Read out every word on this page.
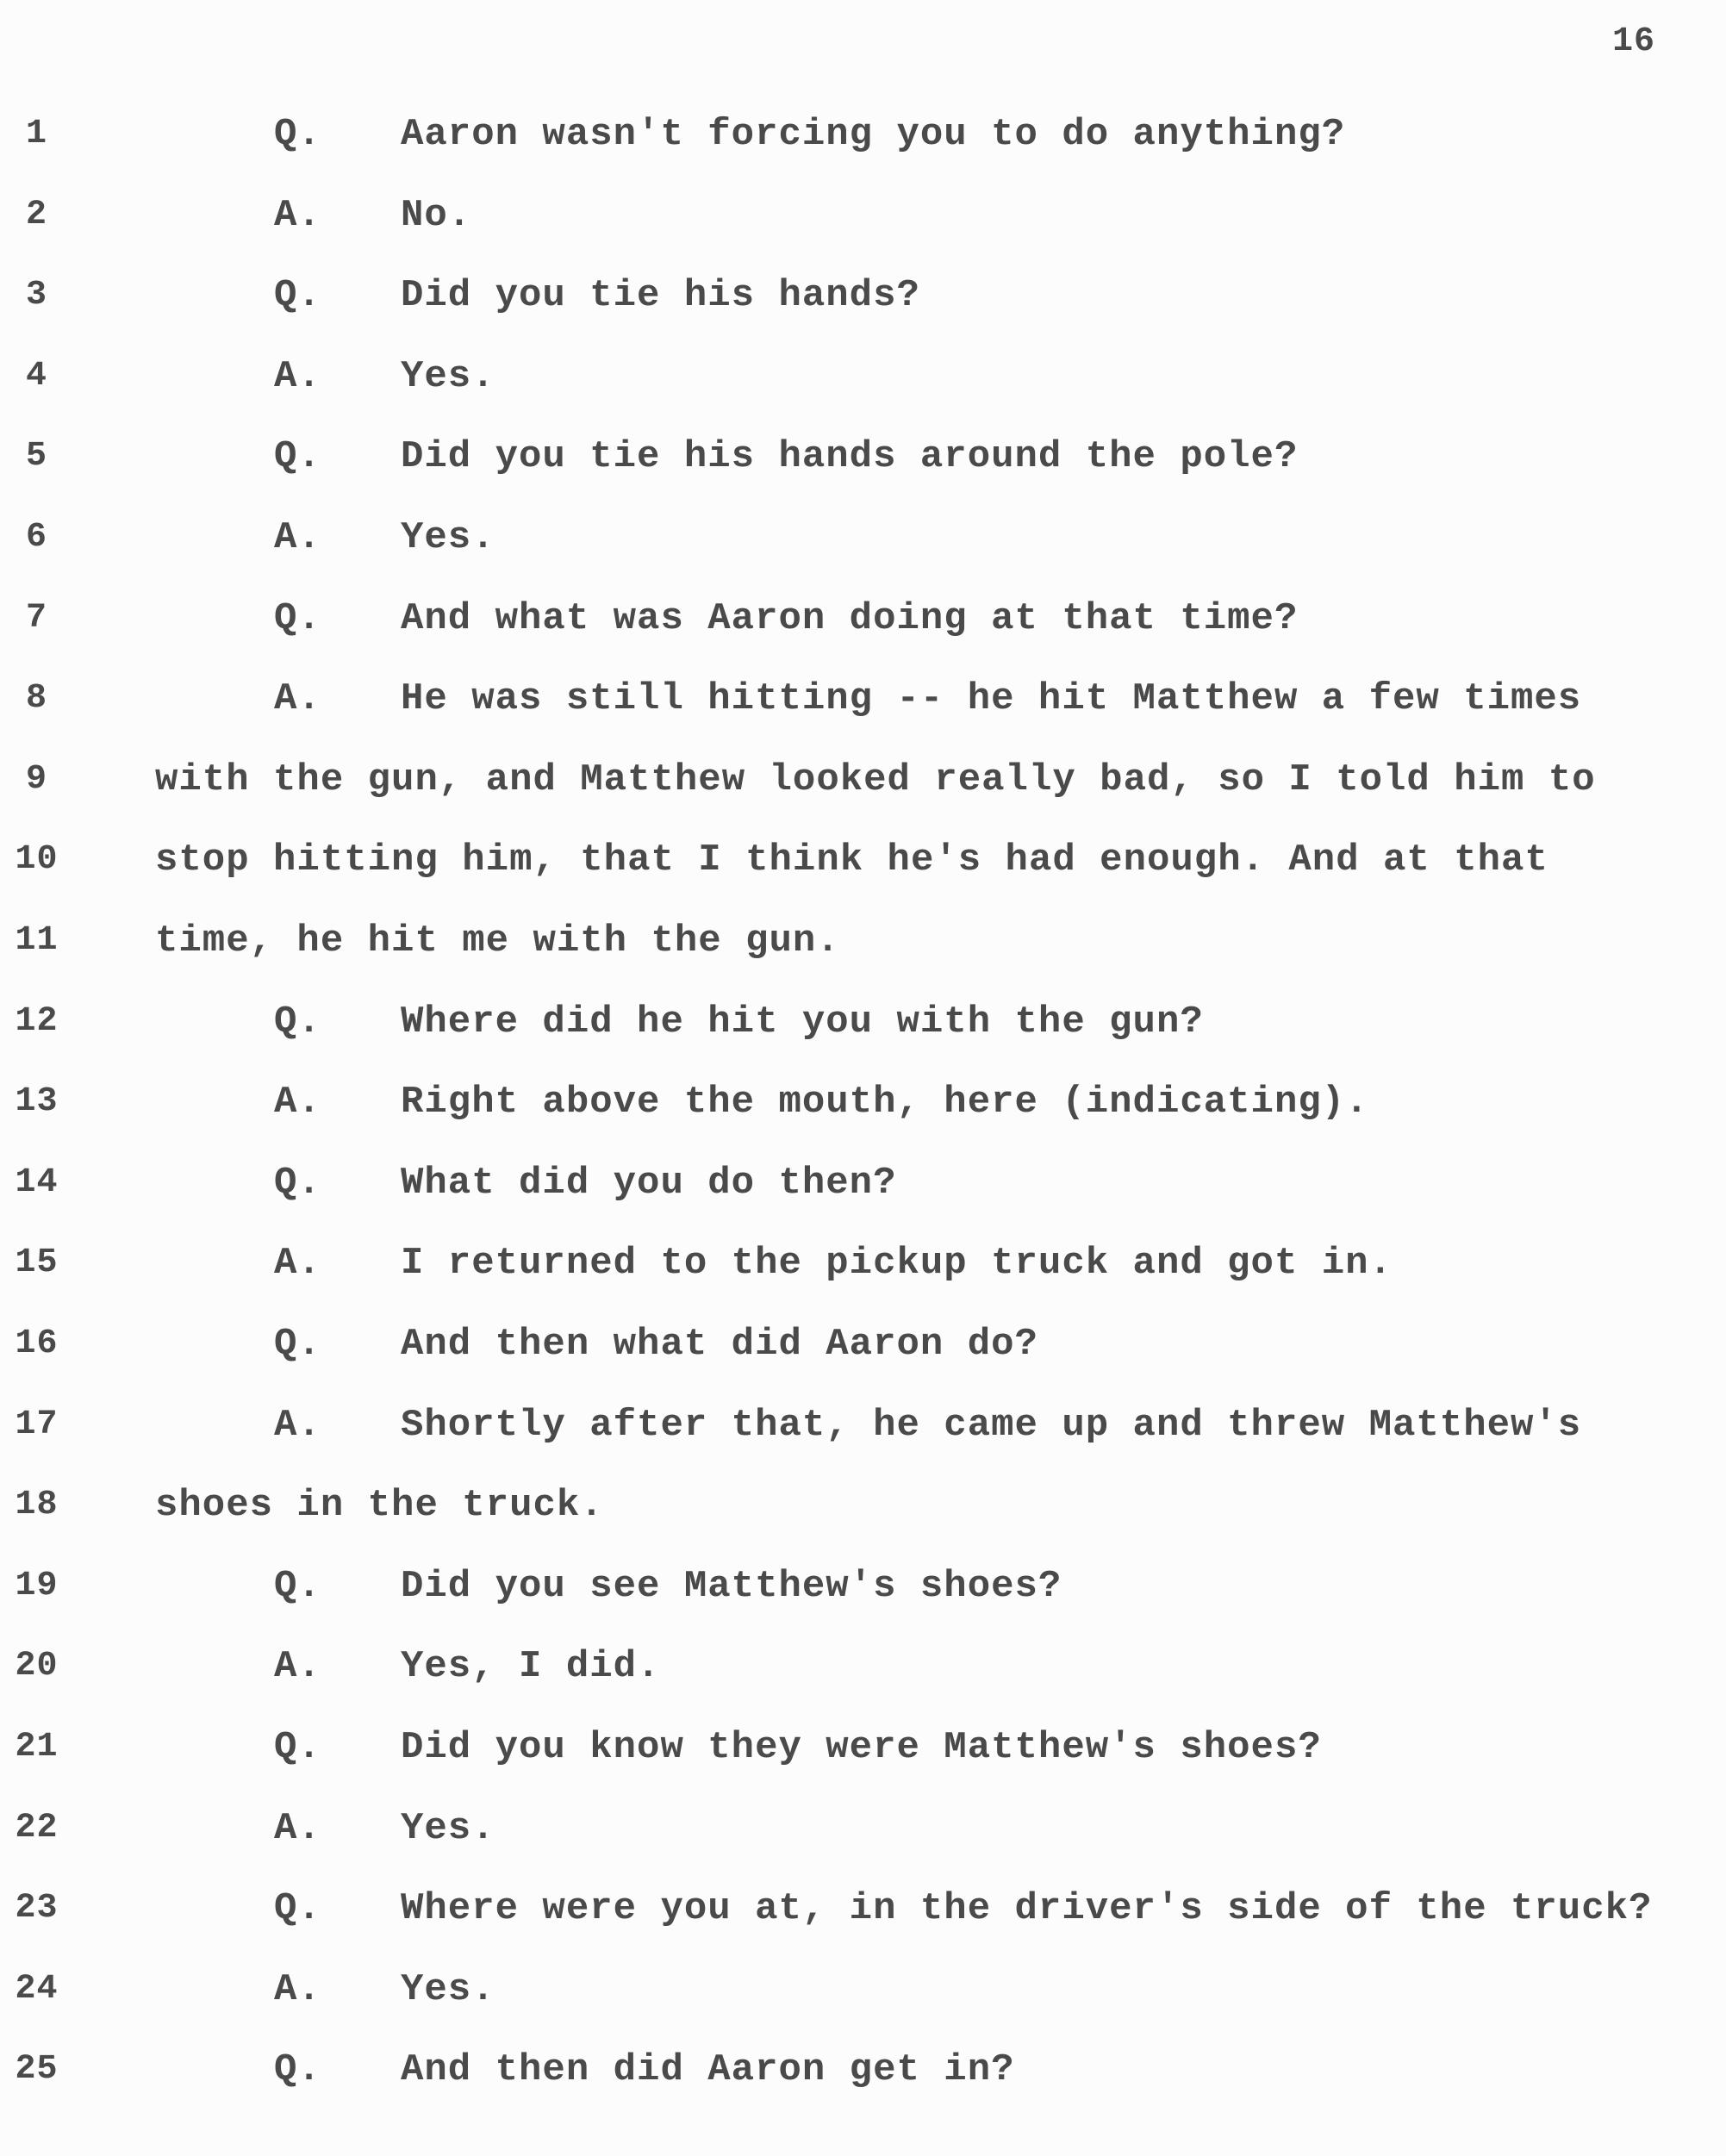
16
1	Q. Aaron wasn't forcing you to do anything?
2	A. No.
3	Q. Did you tie his hands?
4	A. Yes.
5	Q. Did you tie his hands around the pole?
6	A. Yes.
7	Q. And what was Aaron doing at that time?
8	A. He was still hitting -- he hit Matthew a few times
9	with the gun, and Matthew looked really bad, so I told him to
10	stop hitting him, that I think he's had enough. And at that
11	time, he hit me with the gun.
12	Q. Where did he hit you with the gun?
13	A. Right above the mouth, here (indicating).
14	Q. What did you do then?
15	A. I returned to the pickup truck and got in.
16	Q. And then what did Aaron do?
17	A. Shortly after that, he came up and threw Matthew's
18	shoes in the truck.
19	Q. Did you see Matthew's shoes?
20	A. Yes, I did.
21	Q. Did you know they were Matthew's shoes?
22	A. Yes.
23	Q. Where were you at, in the driver's side of the truck?
24	A. Yes.
25	Q. And then did Aaron get in?
